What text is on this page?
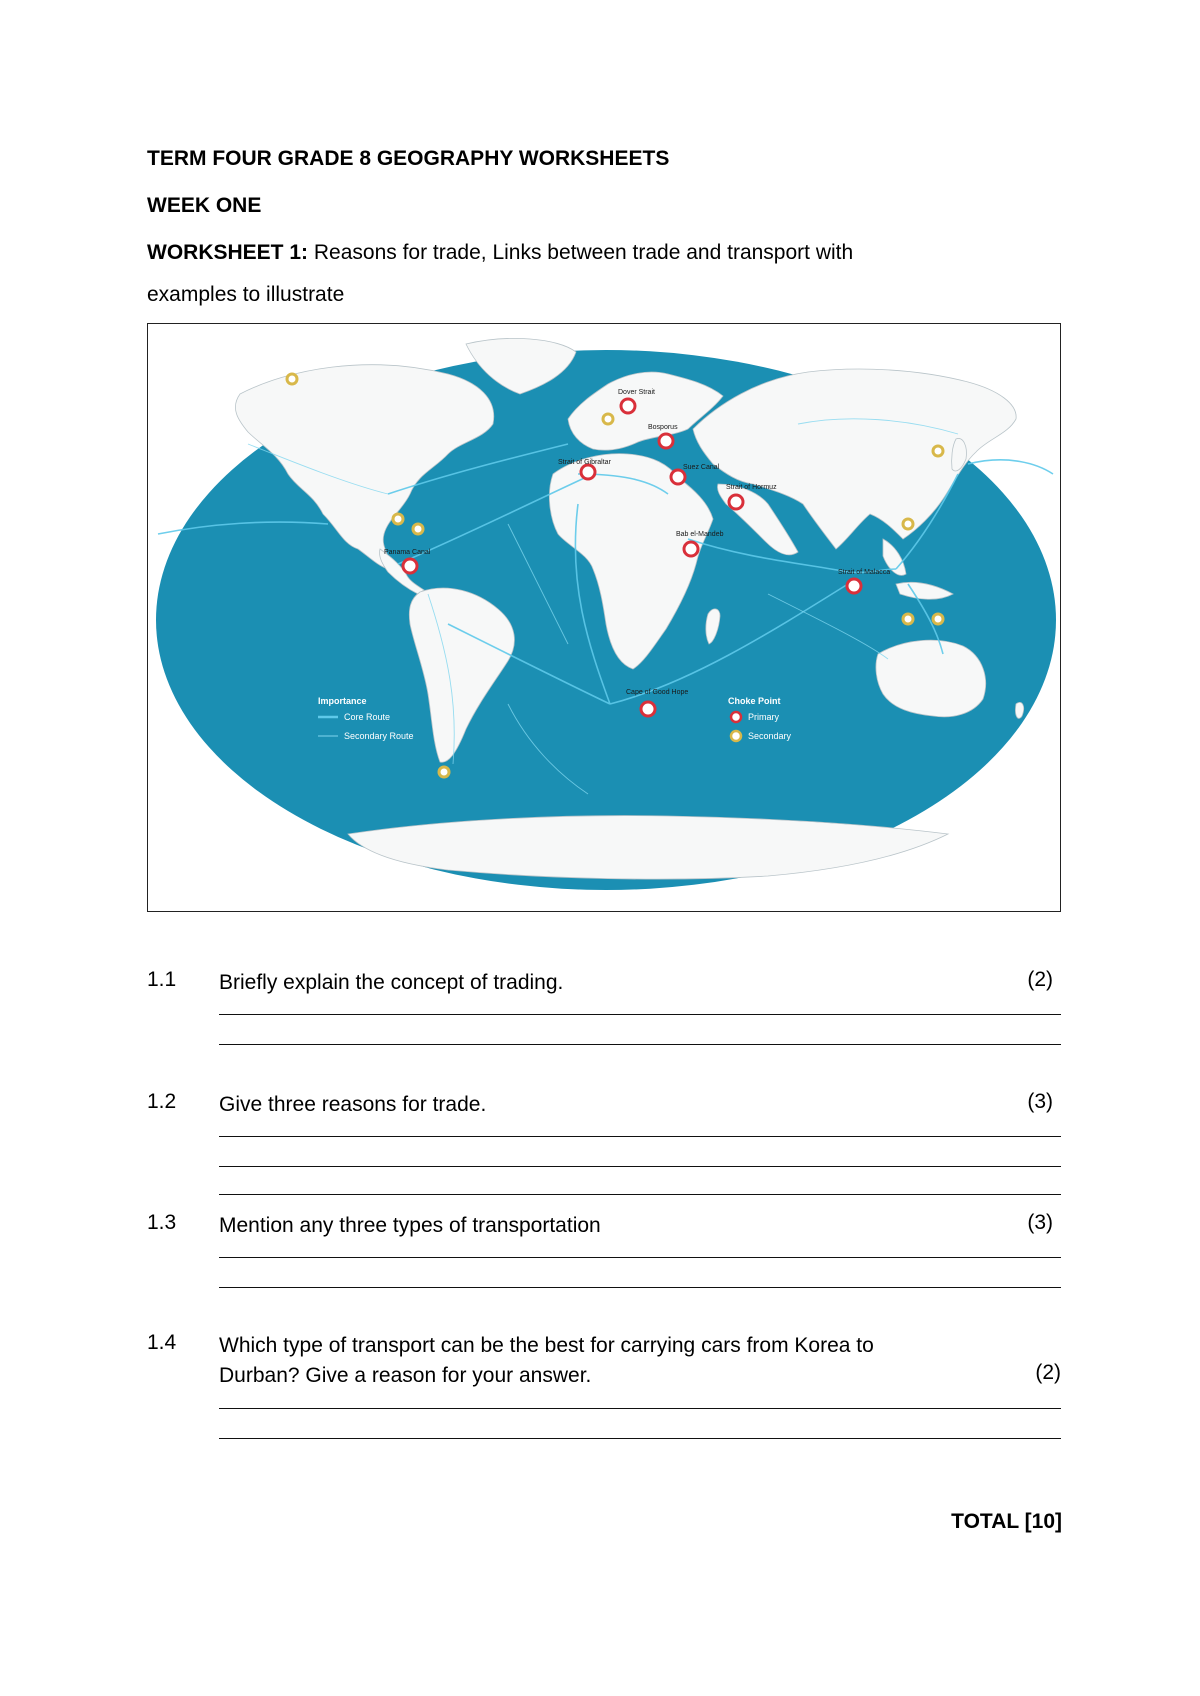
TERM FOUR GRADE 8 GEOGRAPHY WORKSHEETS
WEEK ONE
WORKSHEET 1: Reasons for trade, Links between trade and transport with
examples to illustrate
Dover Strait
Strait of Gibraltar
Bosporus
Suez Canal
Strait of Hormuz
Bab el-Mandeb
Panama Canal
Strait of Malacca
Cape of Good Hope
Importance
Core Route
Secondary Route
Choke Point
Primary
Secondary
1.1 Briefly explain the concept of trading.	(2)
1.2 Give three reasons for trade.	(3)
1.3 Mention any three types of transportation	(3)
1.4 Which type of transport can be the best for carrying cars from Korea to
Durban? Give a reason for your answer.	(2)
TOTAL [10]
